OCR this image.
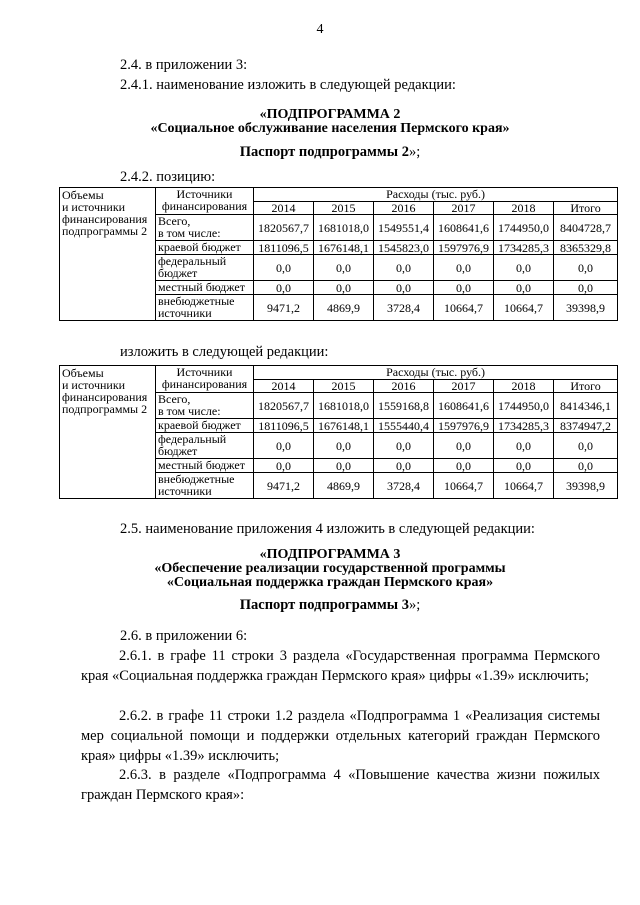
4
2.4. в приложении 3:
2.4.1. наименование изложить в следующей редакции:
«ПОДПРОГРАММА 2
«Социальное обслуживание населения Пермского края»
Паспорт подпрограммы 2»;
2.4.2. позицию:
Объемы
и источники
финансирования
подпрограммы 2	Источники
финансирования	Расходы (тыс. руб.)					
		2014	2015	2016	2017	2018	Итого
	Всего,
в том числе:	1820567,7	1681018,0	1549551,4	1608641,6	1744950,0	8404728,7
	краевой бюджет	1811096,5	1676148,1	1545823,0	1597976,9	1734285,3	8365329,8
	федеральный
бюджет	0,0	0,0	0,0	0,0	0,0	0,0
	местный бюджет	0,0	0,0	0,0	0,0	0,0	0,0
	внебюджетные
источники	9471,2	4869,9	3728,4	10664,7	10664,7	39398,9
изложить в следующей редакции:
Объемы
и источники
финансирования
подпрограммы 2	Источники
финансирования	Расходы (тыс. руб.)					
		2014	2015	2016	2017	2018	Итого
	Всего,
в том числе:	1820567,7	1681018,0	1559168,8	1608641,6	1744950,0	8414346,1
	краевой бюджет	1811096,5	1676148,1	1555440,4	1597976,9	1734285,3	8374947,2
	федеральный
бюджет	0,0	0,0	0,0	0,0	0,0	0,0
	местный бюджет	0,0	0,0	0,0	0,0	0,0	0,0
	внебюджетные
источники	9471,2	4869,9	3728,4	10664,7	10664,7	39398,9
2.5. наименование приложения 4 изложить в следующей редакции:
«ПОДПРОГРАММА 3
«Обеспечение реализации государственной программы
«Социальная поддержка граждан Пермского края»
Паспорт подпрограммы 3»;
2.6. в приложении 6:
2.6.1. в графе 11 строки 3 раздела «Государственная программа Пермского края «Социальная поддержка граждан Пермского края» цифры «1.39» исключить;
2.6.2. в графе 11 строки 1.2 раздела «Подпрограмма 1 «Реализация системы мер социальной помощи и поддержки отдельных категорий граждан Пермского края» цифры «1.39» исключить;
2.6.3. в разделе «Подпрограмма 4 «Повышение качества жизни пожилых граждан Пермского края»:
